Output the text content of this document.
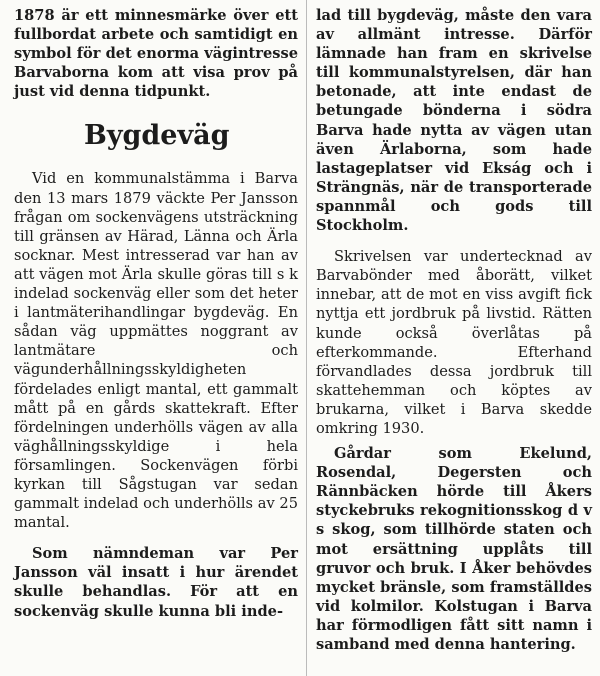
1878 är ett minnesmärke över ett fullbordat arbete och samtidigt en symbol för det enorma vägintresse Barvaborna kom att visa prov på just vid denna tidpunkt.

Bygdeväg

Vid en kommunalstämma i Barva den 13 mars 1879 väckte Per Jansson frågan om sockenvägens utsträckning till gränsen av Härad, Länna och Ärla socknar. Mest intresserad var han av att vägen mot Ärla skulle göras till s k indelad sockenväg eller som det heter i lantmäterihandlingar bygdeväg. En sådan väg uppmättes noggrant av lantmätare och vägunderhållningsskyldigheten fördelades enligt mantal, ett gammalt mått på en gårds skattekraft. Efter fördelningen underhölls vägen av alla väghållningsskyldige i hela församlingen. Sockenvägen förbi kyrkan till Sågstugan var sedan gammalt indelad och underhölls av 25 mantal.

Som nämndeman var Per Jansson väl insatt i hur ärendet skulle behandlas. För att en sockenväg skulle kunna bli inde-

lad till bygdeväg, måste den vara av allmänt intresse. Därför lämnade han fram en skrivelse till kommunalstyrelsen, där han betonade, att inte endast de betungade bönderna i södra Barva hade nytta av vägen utan även Ärlaborna, som hade lastageplatser vid Ekság och i Strängnäs, när de transporterade spannmål och gods till Stockholm.

Skrivelsen var undertecknad av Barvabönder med åborätt, vilket innebar, att de mot en viss avgift fick nyttja ett jordbruk på livstid. Rätten kunde också överlåtas på efterkommande. Efterhand förvandlades dessa jordbruk till skattehemman och köptes av brukarna, vilket i Barva skedde omkring 1930.

Gårdar som Ekelund, Rosendal, Degersten och Rännbäcken hörde till Åkers styckebruks rekognitionsskog d v s skog, som tillhörde staten och mot ersättning upplåts till gruvor och bruk. I Åker behövdes mycket bränsle, som framställdes vid kolmilor. Kolstugan i Barva har förmodligen fått sitt namn i samband med denna hantering.
